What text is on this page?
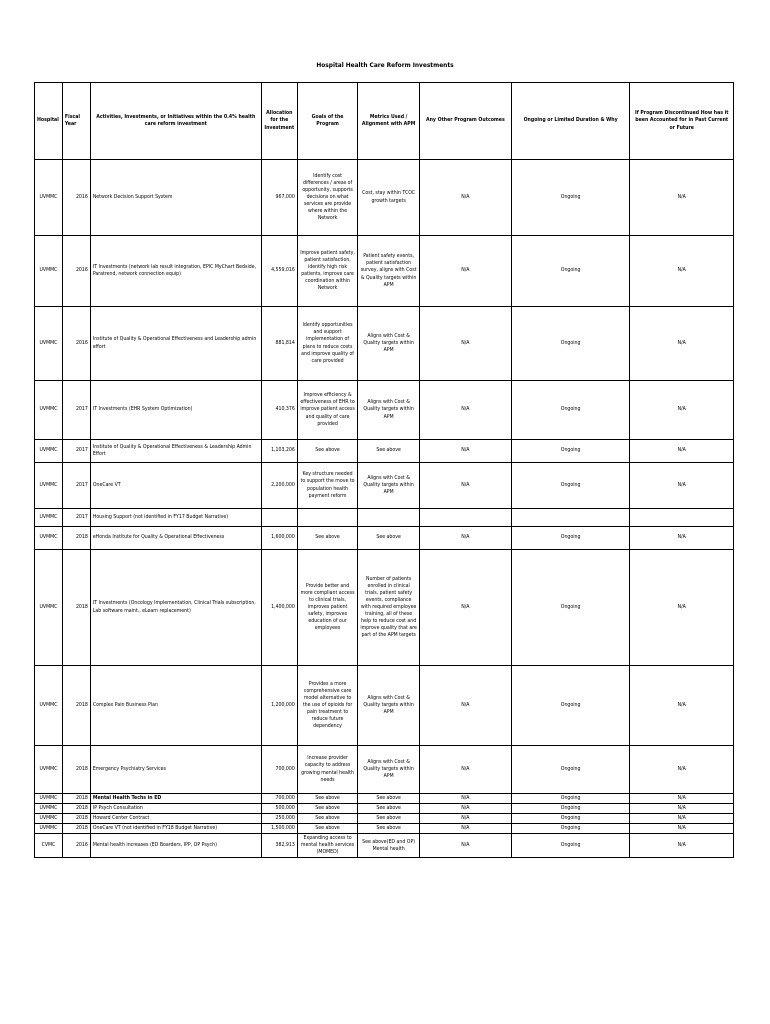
Hospital Health Care Reform Investments
Hospital	Fiscal Year	Activities, Investments, or Initiatives within the 0.4% health care reform investment	Allocation for the Investment	Goals of the Program	Metrics Used / Alignment with APM	Any Other Program Outcomes	Ongoing or Limited Duration & Why	If Program Discontinued How has it been Accounted for in Past Current or Future
UVMMC	2016	Network Decision Support System	967,000	Identify cost differences / areas of opportunity, supports decisions on what services are provide where within the Network	Cost, stay within TCOC growth targets	N/A	Ongoing	N/A
UVMMC	2016	IT Investments (network lab result integration, EPIC MyChart Bedside, Paratrend, network connection equip)	4,559,016	Improve patient safety, patient satisfaction, identify high risk patients, improve care coordination within Network	Patient safety events, patient satisfaction survey, aligns with Cost & Quality targets within APM	N/A	Ongoing	N/A
UVMMC	2016	Institute of Quality & Operational Effectiveness and Leadership admin effort	881,814	Identify opportunities and support implementation of plans to reduce costs and improve quality of care provided	Aligns with Cost & Quality targets within APM	N/A	Ongoing	N/A
UVMMC	2017	IT Investments (EHR System Optimization)	410,376	Improve efficiency & effectiveness of EHR to improve patient access and quality of care provided	Aligns with Cost & Quality targets within APM	N/A	Ongoing	N/A
UVMMC	2017	Institute of Quality & Operational Effectiveness & Leadership Admin Effort	1,103,206	See above	See above	N/A	Ongoing	N/A
UVMMC	2017	OneCare VT	2,200,000	Key structure needed to support the move to population health payment reform	Aligns with Cost & Quality targets within APM	N/A	Ongoing	N/A
UVMMC	2017	Housing Support (not identified in FY17 Budget Narrative)						
UVMMC	2018	eHonda Institute for Quality & Operational Effectiveness	1,600,000	See above	See above	N/A	Ongoing	N/A
UVMMC	2018	IT Investments (Oncology Implementation, Clinical Trials subscription, Lab software maint., eLearn replacement)	1,400,000	Provide better and more compliant access to clinical trials, improves patient safety, improves education of our employees	Number of patients enrolled in clinical trials, patient safety events, compliance with required employee training, all of these help to reduce cost and improve quality that are part of the APM targets	N/A	Ongoing	N/A
UVMMC	2018	Complex Pain Business Plan	1,200,000	Provides a more comprehensive care model alternative to the use of opioids for pain treatment to reduce future dependency	Aligns with Cost & Quality targets within APM	N/A	Ongoing	N/A
UVMMC	2018	Emergency Psychiatry Services	700,000	Increase provider capacity to address growing mental health needs	Aligns with Cost & Quality targets within APM	N/A	Ongoing	N/A
UVMMC	2018	Mental Health Techs in ED	700,000	See above	See above	N/A	Ongoing	N/A
UVMMC	2018	IP Psych Consultation	500,000	See above	See above	N/A	Ongoing	N/A
UVMMC	2018	Howard Center Contract	250,000	See above	See above	N/A	Ongoing	N/A
UVMMC	2018	OneCare VT (not identified in FY18 Budget Narrative)	1,500,000	See above	See above	N/A	Ongoing	N/A
CVMC	2016	Mental health increases (ED Boarders, IPP, OP Psych)	382,913	Expanding access to mental health services (MOMED)	See above(ED and OP) Mental health	N/A	Ongoing	N/A
